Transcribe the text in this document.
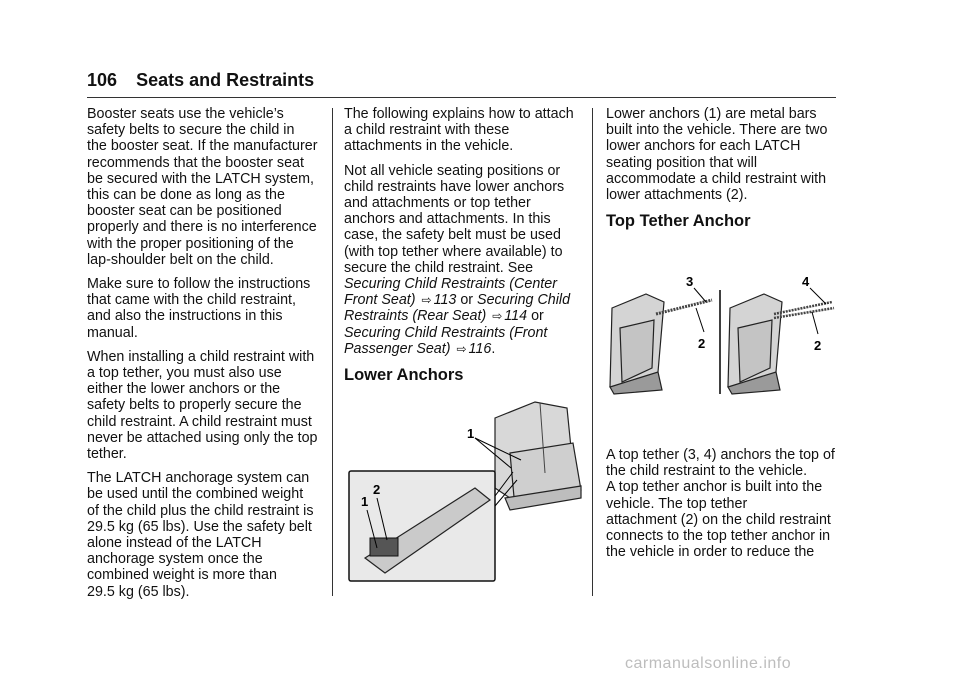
106 Seats and Restraints

Booster seats use the vehicle’s
safety belts to secure the child in
the booster seat. If the manufacturer
recommends that the booster seat
be secured with the LATCH system,
this can be done as long as the
booster seat can be positioned
properly and there is no interference
with the proper positioning of the
lap-shoulder belt on the child.

Make sure to follow the instructions
that came with the child restraint,
and also the instructions in this
manual.

When installing a child restraint with
a top tether, you must also use
either the lower anchors or the
safety belts to properly secure the
child restraint. A child restraint must
never be attached using only the top
tether.

The LATCH anchorage system can
be used until the combined weight
of the child plus the child restraint is
29.5 kg (65 lbs). Use the safety belt
alone instead of the LATCH
anchorage system once the
combined weight is more than
29.5 kg (65 lbs).

The following explains how to attach
a child restraint with these
attachments in the vehicle.

Not all vehicle seating positions or
child restraints have lower anchors
and attachments or top tether
anchors and attachments. In this
case, the safety belt must be used
(with top tether where available) to
secure the child restraint. See
Securing Child Restraints (Center
Front Seat) ⇨ 113 or Securing Child
Restraints (Rear Seat) ⇨ 114 or
Securing Child Restraints (Front
Passenger Seat) ⇨ 116.

Lower Anchors
1
2
1

Lower anchors (1) are metal bars
built into the vehicle. There are two
lower anchors for each LATCH
seating position that will
accommodate a child restraint with
lower attachments (2).

Top Tether Anchor
3	4
2	2

A top tether (3, 4) anchors the top of
the child restraint to the vehicle.
A top tether anchor is built into the
vehicle. The top tether
attachment (2) on the child restraint
connects to the top tether anchor in
the vehicle in order to reduce the

carmanualsonline.info
